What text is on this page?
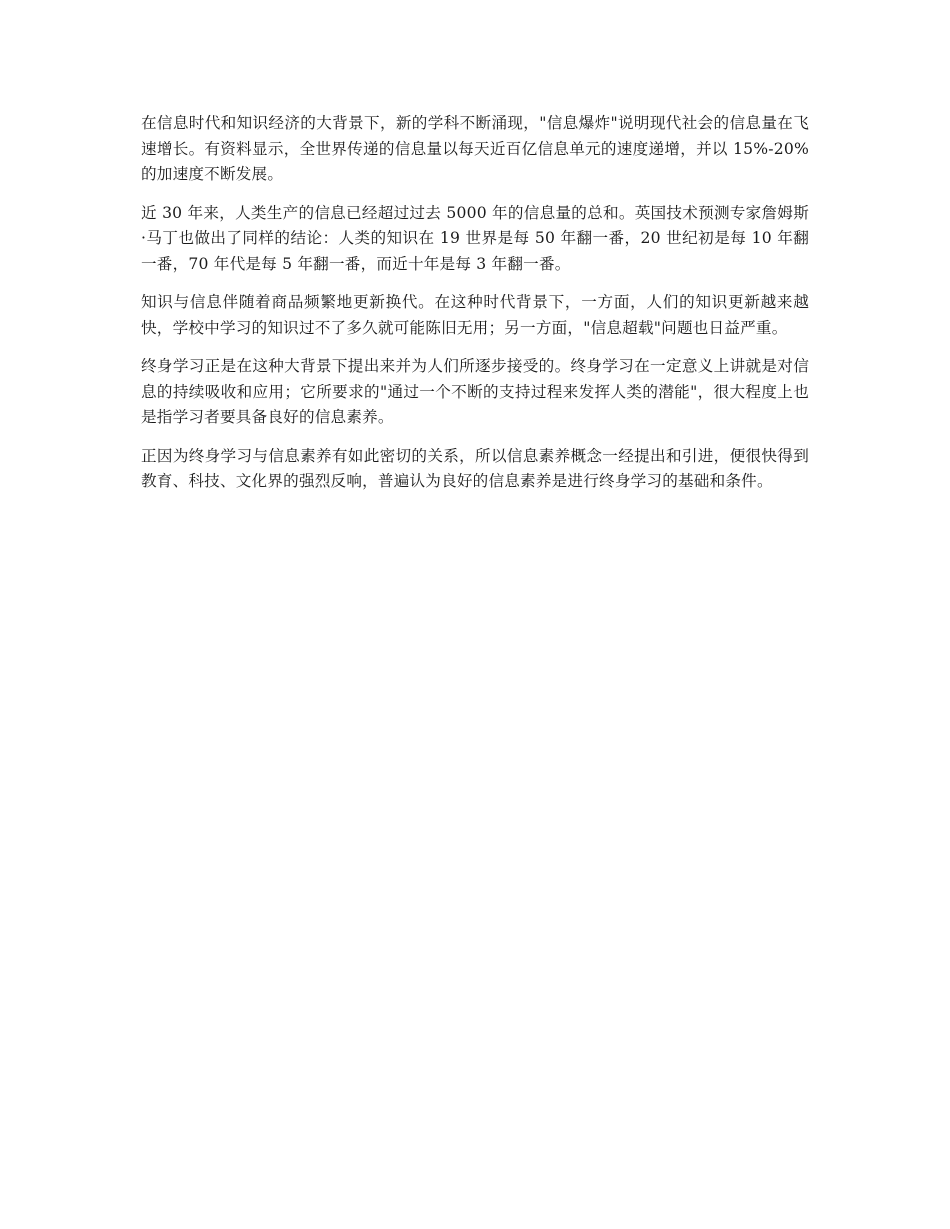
在信息时代和知识经济的大背景下，新的学科不断涌现，"信息爆炸"说明现代社会的信息量在飞速增长。有资料显示，全世界传递的信息量以每天近百亿信息单元的速度递增，并以 15%-20%的加速度不断发展。

近 30 年来，人类生产的信息已经超过过去 5000 年的信息量的总和。英国技术预测专家詹姆斯·马丁也做出了同样的结论：人类的知识在 19 世界是每 50 年翻一番，20 世纪初是每 10 年翻一番，70 年代是每 5 年翻一番，而近十年是每 3 年翻一番。

知识与信息伴随着商品频繁地更新换代。在这种时代背景下，一方面，人们的知识更新越来越快，学校中学习的知识过不了多久就可能陈旧无用；另一方面，"信息超载"问题也日益严重。

终身学习正是在这种大背景下提出来并为人们所逐步接受的。终身学习在一定意义上讲就是对信息的持续吸收和应用；它所要求的"通过一个不断的支持过程来发挥人类的潜能"，很大程度上也是指学习者要具备良好的信息素养。

正因为终身学习与信息素养有如此密切的关系，所以信息素养概念一经提出和引进，便很快得到教育、科技、文化界的强烈反响，普遍认为良好的信息素养是进行终身学习的基础和条件。
